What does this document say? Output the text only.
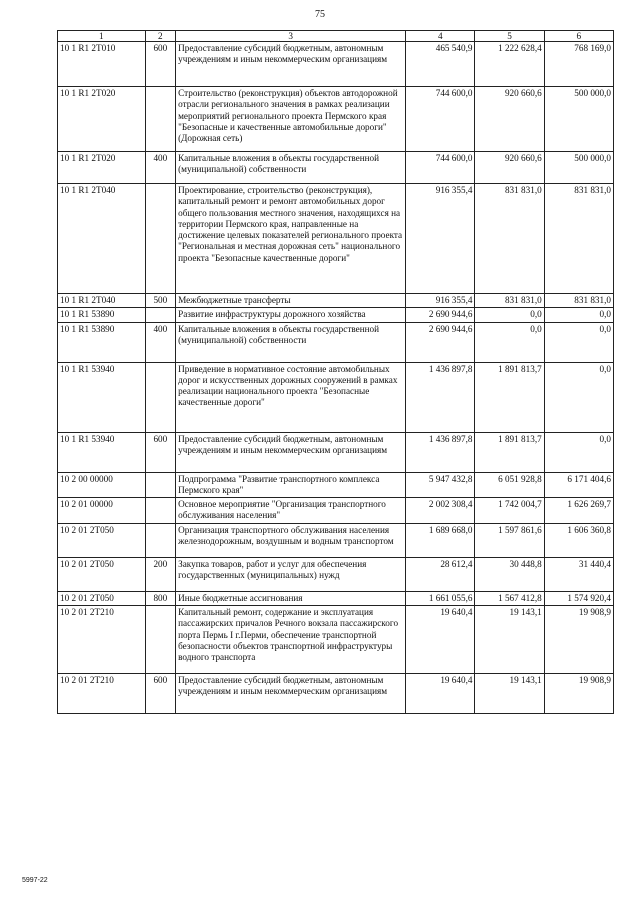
75
1	2	3	4	5	6
10 1 R1 2T010	600	Предоставление субсидий бюджетным, автономным учреждениям и иным некоммерческим организациям	465 540,9	1 222 628,4	768 169,0
10 1 R1 2T020		Строительство (реконструкция) объектов автодорожной отрасли регионального значения в рамках реализации мероприятий регионального проекта Пермского края "Безопасные и качественные автомобильные дороги" (Дорожная сеть)	744 600,0	920 660,6	500 000,0
10 1 R1 2T020	400	Капитальные вложения в объекты государственной (муниципальной) собственности	744 600,0	920 660,6	500 000,0
10 1 R1 2T040		Проектирование, строительство (реконструкция), капитальный ремонт и ремонт автомобильных дорог общего пользования местного значения, находящихся на территории Пермского края, направленные на достижение целевых показателей регионального проекта "Региональная и местная дорожная сеть" национального проекта "Безопасные качественные дороги"	916 355,4	831 831,0	831 831,0
10 1 R1 2T040	500	Межбюджетные трансферты	916 355,4	831 831,0	831 831,0
10 1 R1 53890		Развитие инфраструктуры дорожного хозяйства	2 690 944,6	0,0	0,0
10 1 R1 53890	400	Капитальные вложения в объекты государственной (муниципальной) собственности	2 690 944,6	0,0	0,0
10 1 R1 53940		Приведение в нормативное состояние автомобильных дорог и искусственных дорожных сооружений в рамках реализации национального проекта "Безопасные качественные дороги"	1 436 897,8	1 891 813,7	0,0
10 1 R1 53940	600	Предоставление субсидий бюджетным, автономным учреждениям и иным некоммерческим организациям	1 436 897,8	1 891 813,7	0,0
10 2 00 00000		Подпрограмма "Развитие транспортного комплекса Пермского края"	5 947 432,8	6 051 928,8	6 171 404,6
10 2 01 00000		Основное мероприятие "Организация транспортного обслуживания населения"	2 002 308,4	1 742 004,7	1 626 269,7
10 2 01 2T050		Организация транспортного обслуживания населения железнодорожным, воздушным и водным транспортом	1 689 668,0	1 597 861,6	1 606 360,8
10 2 01 2T050	200	Закупка товаров, работ и услуг для обеспечения государственных (муниципальных) нужд	28 612,4	30 448,8	31 440,4
10 2 01 2T050	800	Иные бюджетные ассигнования	1 661 055,6	1 567 412,8	1 574 920,4
10 2 01 2T210		Капитальный ремонт, содержание и эксплуатация пассажирских причалов Речного вокзала пассажирского порта Пермь I г.Перми, обеспечение транспортной безопасности объектов транспортной инфраструктуры водного транспорта	19 640,4	19 143,1	19 908,9
10 2 01 2T210	600	Предоставление субсидий бюджетным, автономным учреждениям и иным некоммерческим организациям	19 640,4	19 143,1	19 908,9
5997-22
